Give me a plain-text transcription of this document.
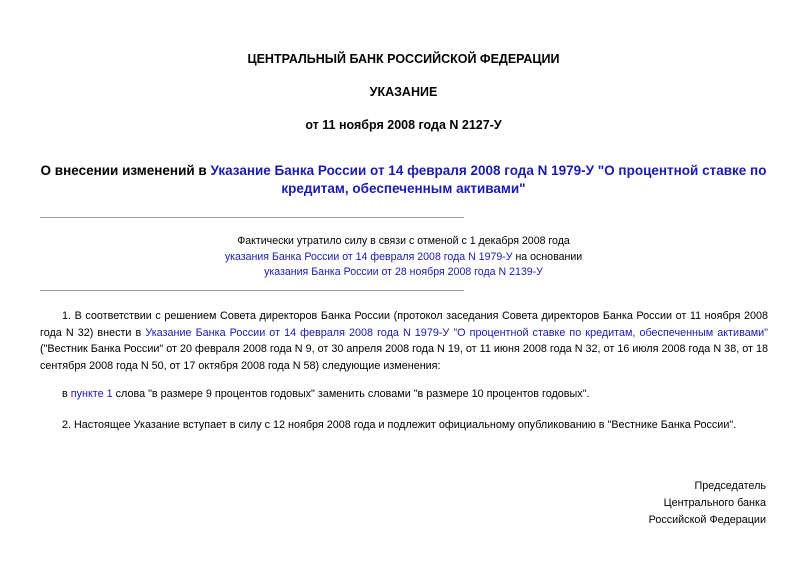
ЦЕНТРАЛЬНЫЙ БАНК РОССИЙСКОЙ ФЕДЕРАЦИИ
УКАЗАНИЕ
от 11 ноября 2008 года N 2127-У
О внесении изменений в Указание Банка России от 14 февраля 2008 года N 1979-У "О процентной ставке по кредитам, обеспеченным активами"
Фактически утратило силу в связи с отменой с 1 декабря 2008 года
указания Банка России от 14 февраля 2008 года N 1979-У на основании
указания Банка России от 28 ноября 2008 года N 2139-У
1. В соответствии с решением Совета директоров Банка России (протокол заседания Совета директоров Банка России от 11 ноября 2008 года N 32) внести в Указание Банка России от 14 февраля 2008 года N 1979-У "О процентной ставке по кредитам, обеспеченным активами" ("Вестник Банка России" от 20 февраля 2008 года N 9, от 30 апреля 2008 года N 19, от 11 июня 2008 года N 32, от 16 июля 2008 года N 38, от 18 сентября 2008 года N 50, от 17 октября 2008 года N 58) следующие изменения:
в пункте 1 слова "в размере 9 процентов годовых" заменить словами "в размере 10 процентов годовых".
2. Настоящее Указание вступает в силу с 12 ноября 2008 года и подлежит официальному опубликованию в "Вестнике Банка России".
Председатель
Центрального банка
Российской Федерации
